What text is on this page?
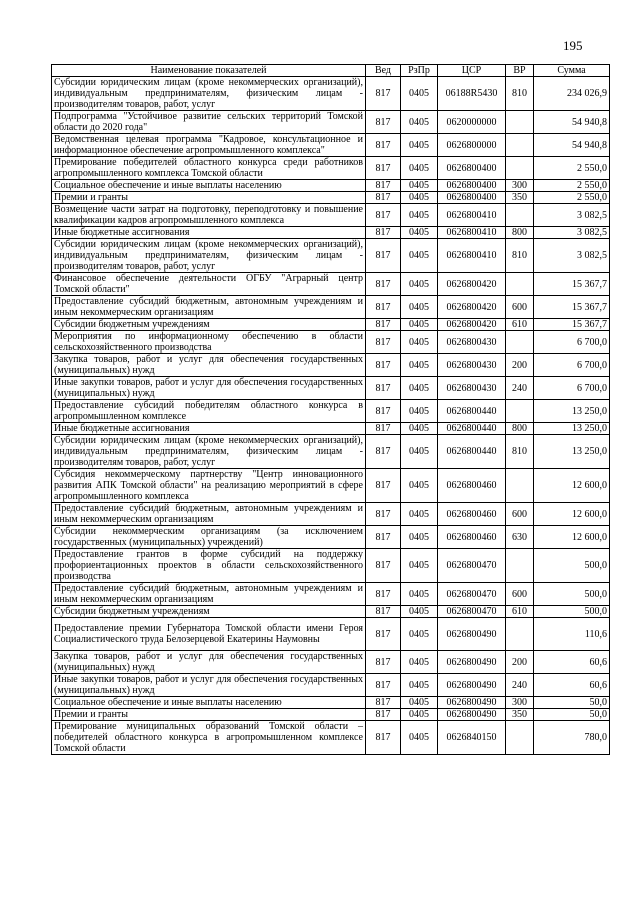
195
Наименование показателей	Вед	РзПр	ЦСР	ВР	Сумма
Субсидии юридическим лицам (кроме некоммерческих организаций), индивидуальным предпринимателям, физическим лицам - производителям товаров, работ, услуг	817	0405	06188R5430	810	234 026,9
Подпрограмма "Устойчивое развитие сельских территорий Томской области до 2020 года"	817	0405	0620000000		54 940,8
Ведомственная целевая программа "Кадровое, консультационное и информационное обеспечение агропромышленного комплекса"	817	0405	0626800000		54 940,8
Премирование победителей областного конкурса среди работников агропромышленного комплекса Томской области	817	0405	0626800400		2 550,0
Социальное обеспечение и иные выплаты населению	817	0405	0626800400	300	2 550,0
Премии и гранты	817	0405	0626800400	350	2 550,0
Возмещение части затрат на подготовку, переподготовку и повышение квалификации кадров агропромышленного комплекса	817	0405	0626800410		3 082,5
Иные бюджетные ассигнования	817	0405	0626800410	800	3 082,5
Субсидии юридическим лицам (кроме некоммерческих организаций), индивидуальным предпринимателям, физическим лицам - производителям товаров, работ, услуг	817	0405	0626800410	810	3 082,5
Финансовое обеспечение деятельности ОГБУ "Аграрный центр Томской области"	817	0405	0626800420		15 367,7
Предоставление субсидий бюджетным, автономным учреждениям и иным некоммерческим организациям	817	0405	0626800420	600	15 367,7
Субсидии бюджетным учреждениям	817	0405	0626800420	610	15 367,7
Мероприятия по информационному обеспечению в области сельскохозяйственного производства	817	0405	0626800430		6 700,0
Закупка товаров, работ и услуг для обеспечения государственных (муниципальных) нужд	817	0405	0626800430	200	6 700,0
Иные закупки товаров, работ и услуг для обеспечения государственных (муниципальных) нужд	817	0405	0626800430	240	6 700,0
Предоставление субсидий победителям областного конкурса в агропромышленном комплексе	817	0405	0626800440		13 250,0
Иные бюджетные ассигнования	817	0405	0626800440	800	13 250,0
Субсидии юридическим лицам (кроме некоммерческих организаций), индивидуальным предпринимателям, физическим лицам - производителям товаров, работ, услуг	817	0405	0626800440	810	13 250,0
Субсидия некоммерческому партнерству "Центр инновационного развития АПК Томской области" на реализацию мероприятий в сфере агропромышленного комплекса	817	0405	0626800460		12 600,0
Предоставление субсидий бюджетным, автономным учреждениям и иным некоммерческим организациям	817	0405	0626800460	600	12 600,0
Субсидии некоммерческим организациям (за исключением государственных (муниципальных) учреждений)	817	0405	0626800460	630	12 600,0
Предоставление грантов в форме субсидий на поддержку профориентационных проектов в области сельскохозяйственного производства	817	0405	0626800470		500,0
Предоставление субсидий бюджетным, автономным учреждениям и иным некоммерческим организациям	817	0405	0626800470	600	500,0
Субсидии бюджетным учреждениям	817	0405	0626800470	610	500,0
Предоставление премии Губернатора Томской области имени Героя Социалистического труда Белозерцевой Екатерины Наумовны	817	0405	0626800490		110,6
Закупка товаров, работ и услуг для обеспечения государственных (муниципальных) нужд	817	0405	0626800490	200	60,6
Иные закупки товаров, работ и услуг для обеспечения государственных (муниципальных) нужд	817	0405	0626800490	240	60,6
Социальное обеспечение и иные выплаты населению	817	0405	0626800490	300	50,0
Премии и гранты	817	0405	0626800490	350	50,0
Премирование муниципальных образований Томской области – победителей областного конкурса в агропромышленном комплексе Томской области	817	0405	0626840150		780,0
